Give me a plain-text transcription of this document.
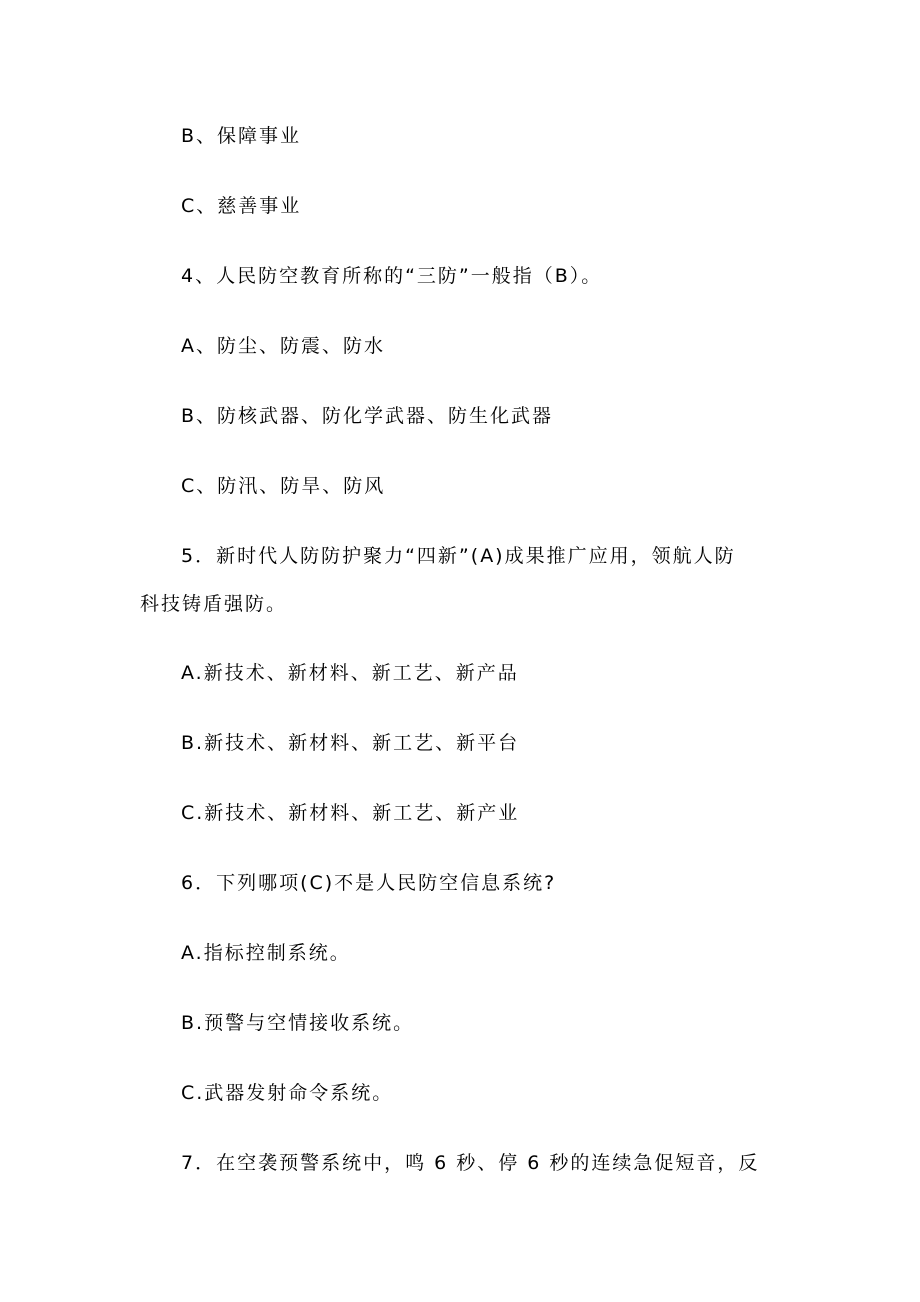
B、保障事业
C、慈善事业
4、人民防空教育所称的“三防”一般指（B）。
A、防尘、防震、防水
B、防核武器、防化学武器、防生化武器
C、防汛、防旱、防风
5．新时代人防防护聚力“四新”(A)成果推广应用，领航人防
科技铸盾强防。
A.新技术、新材料、新工艺、新产品
B.新技术、新材料、新工艺、新平台
C.新技术、新材料、新工艺、新产业
6．下列哪项(C)不是人民防空信息系统?
A.指标控制系统。
B.预警与空情接收系统。
C.武器发射命令系统。
7．在空袭预警系统中，鸣 6 秒、停 6 秒的连续急促短音，反
